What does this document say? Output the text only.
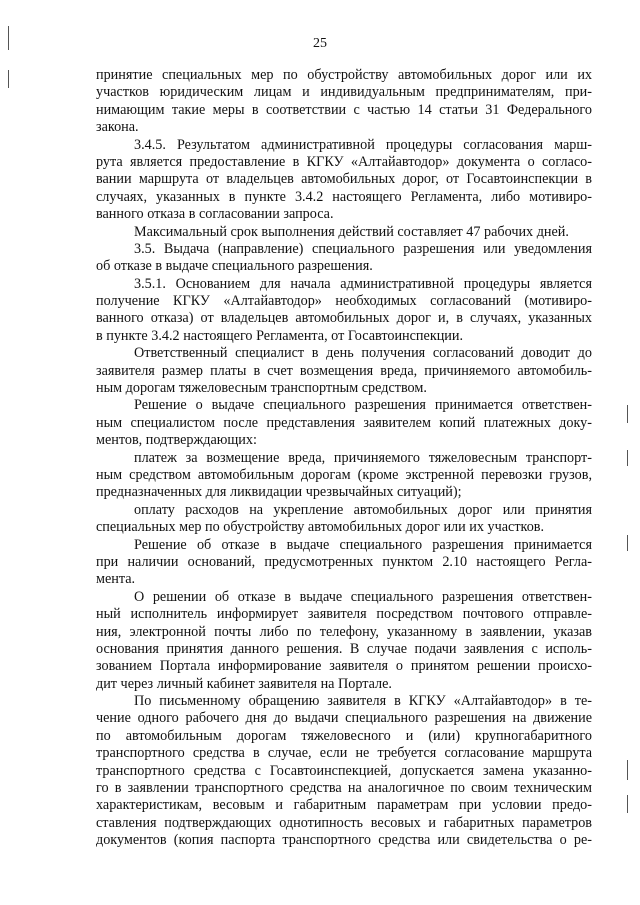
25
принятие специальных мер по обустройству автомобильных дорог или их
участков юридическим лицам и индивидуальным предпринимателям, при-
нимающим такие меры в соответствии с частью 14 статьи 31 Федерального
закона.
3.4.5. Результатом административной процедуры согласования марш-
рута является предоставление в КГКУ «Алтайавтодор» документа о согласо-
вании маршрута от владельцев автомобильных дорог, от Госавтоинспекции в
случаях, указанных в пункте 3.4.2 настоящего Регламента, либо мотивиро-
ванного отказа в согласовании запроса.
Максимальный срок выполнения действий составляет 47 рабочих дней.
3.5. Выдача (направление) специального разрешения или уведомления
об отказе в выдаче специального разрешения.
3.5.1. Основанием для начала административной процедуры является
получение КГКУ «Алтайавтодор» необходимых согласований (мотивиро-
ванного отказа) от владельцев автомобильных дорог и, в случаях, указанных
в пункте 3.4.2 настоящего Регламента, от Госавтоинспекции.
Ответственный специалист в день получения согласований доводит до
заявителя размер платы в счет возмещения вреда, причиняемого автомобиль-
ным дорогам тяжеловесным транспортным средством.
Решение о выдаче специального разрешения принимается ответствен-
ным специалистом после представления заявителем копий платежных доку-
ментов, подтверждающих:
платеж за возмещение вреда, причиняемого тяжеловесным транспорт-
ным средством автомобильным дорогам (кроме экстренной перевозки грузов,
предназначенных для ликвидации чрезвычайных ситуаций);
оплату расходов на укрепление автомобильных дорог или принятия
специальных мер по обустройству автомобильных дорог или их участков.
Решение об отказе в выдаче специального разрешения принимается
при наличии оснований, предусмотренных пунктом 2.10 настоящего Регла-
мента.
О решении об отказе в выдаче специального разрешения ответствен-
ный исполнитель информирует заявителя посредством почтового отправле-
ния, электронной почты либо по телефону, указанному в заявлении, указав
основания принятия данного решения. В случае подачи заявления с исполь-
зованием Портала информирование заявителя о принятом решении происхо-
дит через личный кабинет заявителя на Портале.
По письменному обращению заявителя в КГКУ «Алтайавтодор» в те-
чение одного рабочего дня до выдачи специального разрешения на движение
по автомобильным дорогам тяжеловесного и (или) крупногабаритного
транспортного средства в случае, если не требуется согласование маршрута
транспортного средства с Госавтоинспекцией, допускается замена указанно-
го в заявлении транспортного средства на аналогичное по своим техническим
характеристикам, весовым и габаритным параметрам при условии предо-
ставления подтверждающих однотипность весовых и габаритных параметров
документов (копия паспорта транспортного средства или свидетельства о ре-
